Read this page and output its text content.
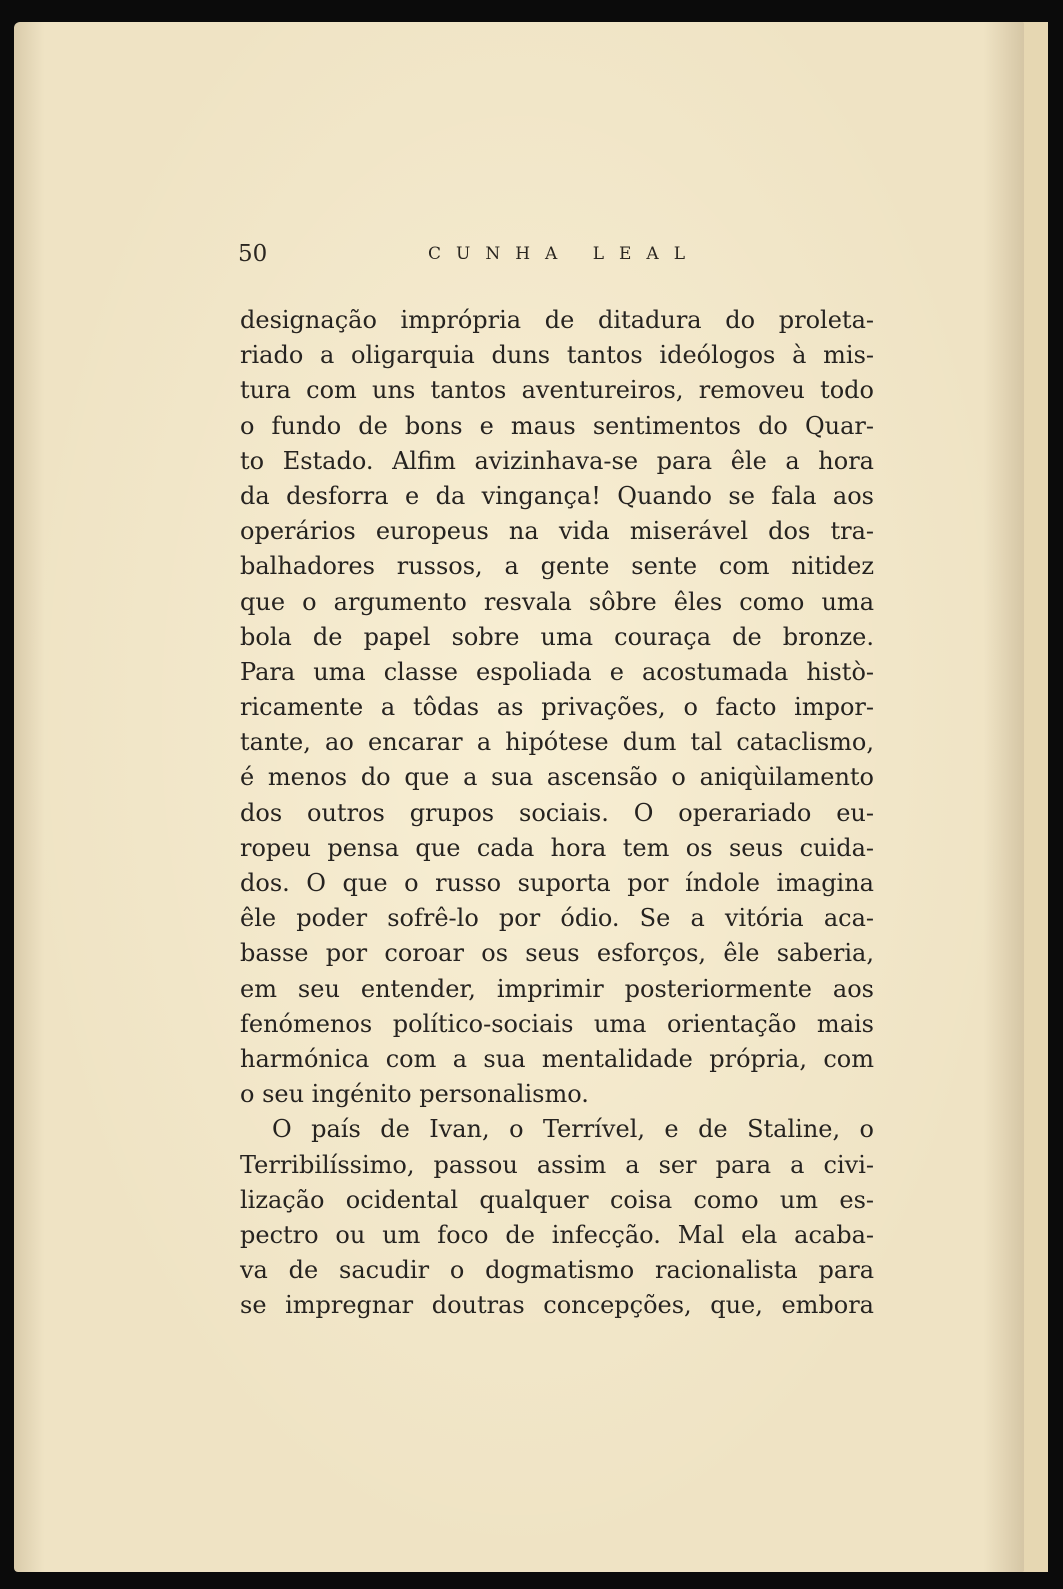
50	CUNHA LEAL
designação imprópria de ditadura do proleta-
riado a oligarquia duns tantos ideólogos à mis-
tura com uns tantos aventureiros, removeu todo
o fundo de bons e maus sentimentos do Quar-
to Estado. Alfim avizinhava-se para êle a hora
da desforra e da vingança! Quando se fala aos
operários europeus na vida miserável dos tra-
balhadores russos, a gente sente com nitidez
que o argumento resvala sôbre êles como uma
bola de papel sobre uma couraça de bronze.
Para uma classe espoliada e acostumada histò-
ricamente a tôdas as privações, o facto impor-
tante, ao encarar a hipótese dum tal cataclismo,
é menos do que a sua ascensão o aniqùilamento
dos outros grupos sociais. O operariado eu-
ropeu pensa que cada hora tem os seus cuida-
dos. O que o russo suporta por índole imagina
êle poder sofrê-lo por ódio. Se a vitória aca-
basse por coroar os seus esforços, êle saberia,
em seu entender, imprimir posteriormente aos
fenómenos político-sociais uma orientação mais
harmónica com a sua mentalidade própria, com
o seu ingénito personalismo.
O país de Ivan, o Terrível, e de Staline, o
Terribilíssimo, passou assim a ser para a civi-
lização ocidental qualquer coisa como um es-
pectro ou um foco de infecção. Mal ela acaba-
va de sacudir o dogmatismo racionalista para
se impregnar doutras concepções, que, embora
